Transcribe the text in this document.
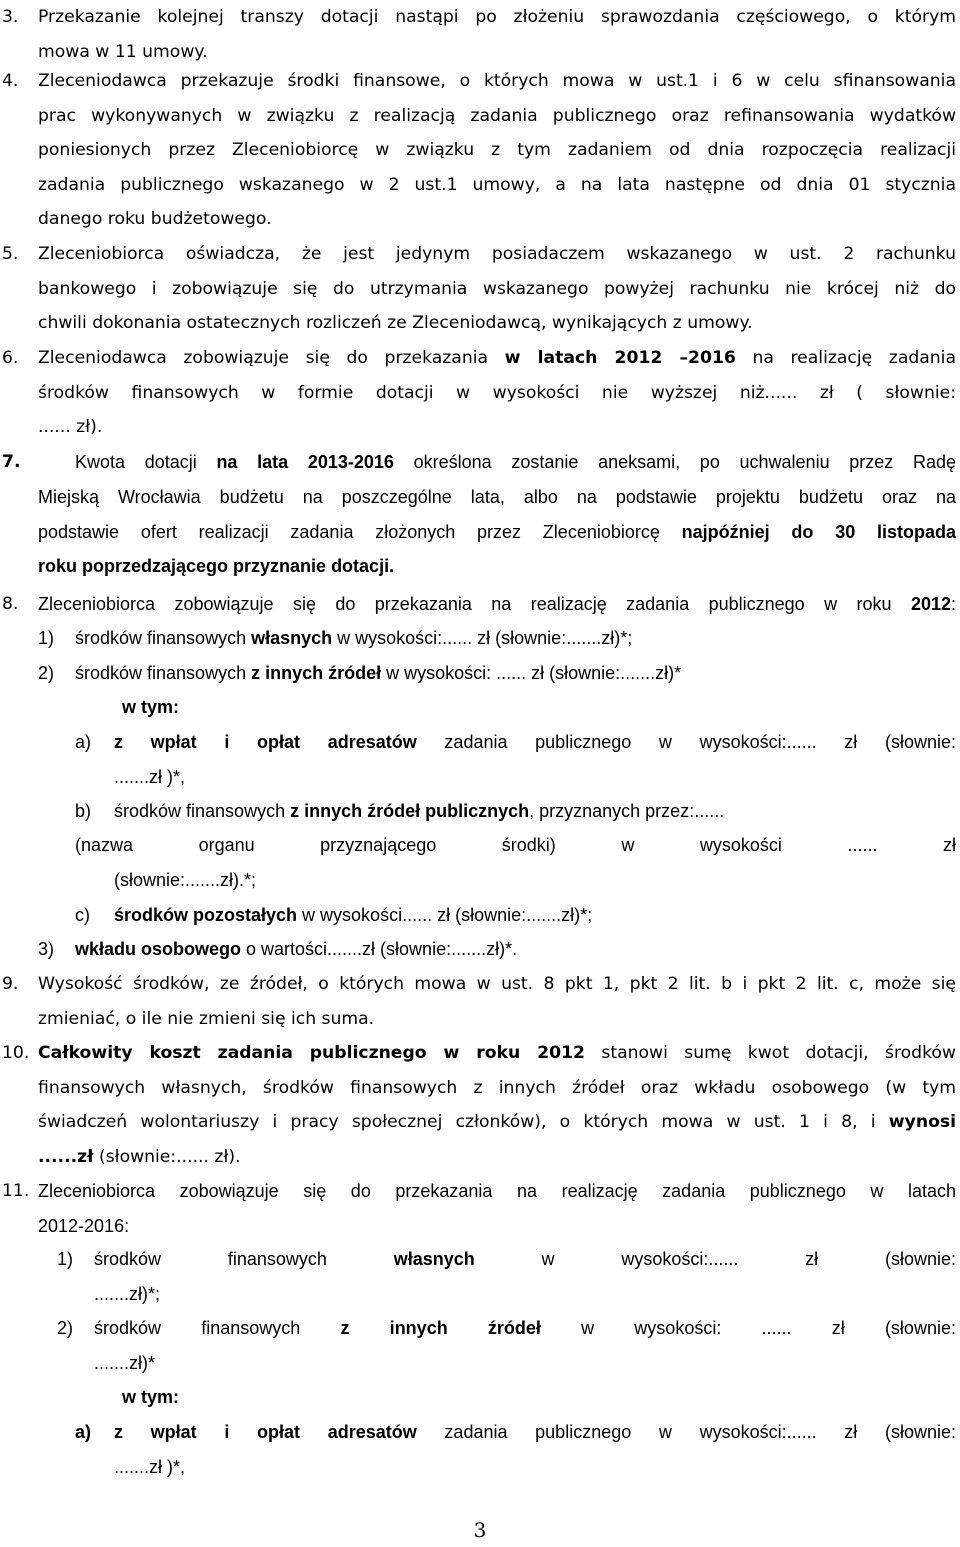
3. Przekazanie kolejnej transzy dotacji nastąpi po złożeniu sprawozdania częściowego, o którym
mowa w 11 umowy.
4. Zleceniodawca przekazuje środki finansowe, o których mowa w ust.1 i 6 w celu sfinansowania
prac wykonywanych w związku z realizacją zadania publicznego oraz refinansowania wydatków
poniesionych przez Zleceniobiorcę w związku z tym zadaniem od dnia rozpoczęcia realizacji
zadania publicznego wskazanego w 2 ust.1 umowy, a na lata następne od dnia 01 stycznia
danego roku budżetowego.
5. Zleceniobiorca oświadcza, że jest jedynym posiadaczem wskazanego w ust. 2 rachunku
bankowego i zobowiązuje się do utrzymania wskazanego powyżej rachunku nie krócej niż do
chwili dokonania ostatecznych rozliczeń ze Zleceniodawcą, wynikających z umowy.
6. Zleceniodawca zobowiązuje się do przekazania w latach 2012 –2016 na realizację zadania
środków finansowych w formie dotacji w wysokości nie wyższej niż...... zł ( słownie:
...... zł).
7.	Kwota dotacji na lata 2013-2016 określona zostanie aneksami, po uchwaleniu przez Radę
Miejską Wrocławia budżetu na poszczególne lata, albo na podstawie projektu budżetu oraz na
podstawie ofert realizacji zadania złożonych przez Zleceniobiorcę najpóźniej do 30 listopada
roku poprzedzającego przyznanie dotacji.
8. Zleceniobiorca zobowiązuje się do przekazania na realizację zadania publicznego w roku 2012:
1) środków finansowych własnych w wysokości:...... zł (słownie:.......zł)*;
2) środków finansowych z innych źródeł w wysokości: ...... zł (słownie:.......zł)*
w tym:
a) z wpłat i opłat adresatów zadania publicznego w wysokości:...... zł (słownie:
.......zł )*,
b) środków finansowych z innych źródeł publicznych, przyznanych przez:......
(nazwa organu przyznającego środki) w wysokości ...... zł
(słownie:.......zł).*;
c) środków pozostałych w wysokości...... zł (słownie:.......zł)*;
3) wkładu osobowego o wartości.......zł (słownie:.......zł)*.
9. Wysokość środków, ze źródeł, o których mowa w ust. 8 pkt 1, pkt 2 lit. b i pkt 2 lit. c, może się
zmieniać, o ile nie zmieni się ich suma.
10. Całkowity koszt zadania publicznego w roku 2012 stanowi sumę kwot dotacji, środków
finansowych własnych, środków finansowych z innych źródeł oraz wkładu osobowego (w tym
świadczeń wolontariuszy i pracy społecznej członków), o których mowa w ust. 1 i 8, i wynosi
......zł (słownie:...... zł).
11. Zleceniobiorca zobowiązuje się do przekazania na realizację zadania publicznego w latach
2012-2016:
1) środków finansowych własnych w wysokości:...... zł (słownie:
.......zł)*;
2) środków finansowych z innych źródeł w wysokości: ...... zł (słownie:
.......zł)*
w tym:
a) z wpłat i opłat adresatów zadania publicznego w wysokości:...... zł (słownie:
.......zł )*,
3
